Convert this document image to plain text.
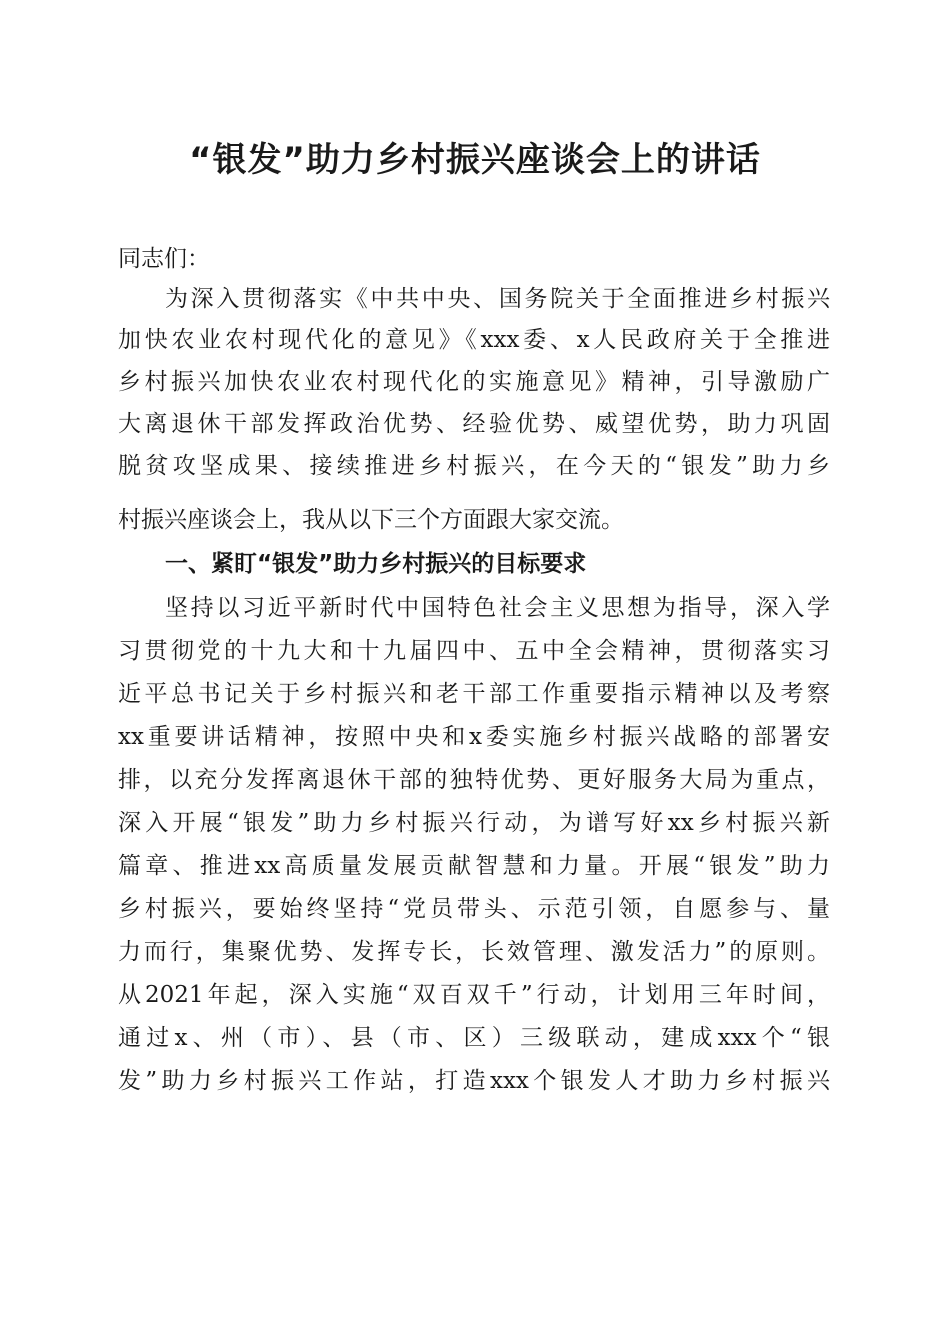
“银发”助力乡村振兴座谈会上的讲话
同志们：
为深入贯彻落实《中共中央、国务院关于全面推进乡村振兴
加快农业农村现代化的意见》《xxx委、x人民政府关于全推进
乡村振兴加快农业农村现代化的实施意见》精神，引导激励广
大离退休干部发挥政治优势、经验优势、威望优势，助力巩固
脱贫攻坚成果、接续推进乡村振兴，在今天的“银发”助力乡
村振兴座谈会上，我从以下三个方面跟大家交流。
一、紧盯“银发”助力乡村振兴的目标要求
坚持以习近平新时代中国特色社会主义思想为指导，深入学
习贯彻党的十九大和十九届四中、五中全会精神，贯彻落实习
近平总书记关于乡村振兴和老干部工作重要指示精神以及考察
xx重要讲话精神，按照中央和x委实施乡村振兴战略的部署安
排，以充分发挥离退休干部的独特优势、更好服务大局为重点，
深入开展“银发”助力乡村振兴行动，为谱写好xx乡村振兴新
篇章、推进xx高质量发展贡献智慧和力量。开展“银发”助力
乡村振兴，要始终坚持“党员带头、示范引领，自愿参与、量
力而行，集聚优势、发挥专长，长效管理、激发活力”的原则。
从2021年起，深入实施“双百双千”行动，计划用三年时间，
通过x、州（市）、县（市、区）三级联动，建成xxx个“银
发”助力乡村振兴工作站，打造xxx个银发人才助力乡村振兴
